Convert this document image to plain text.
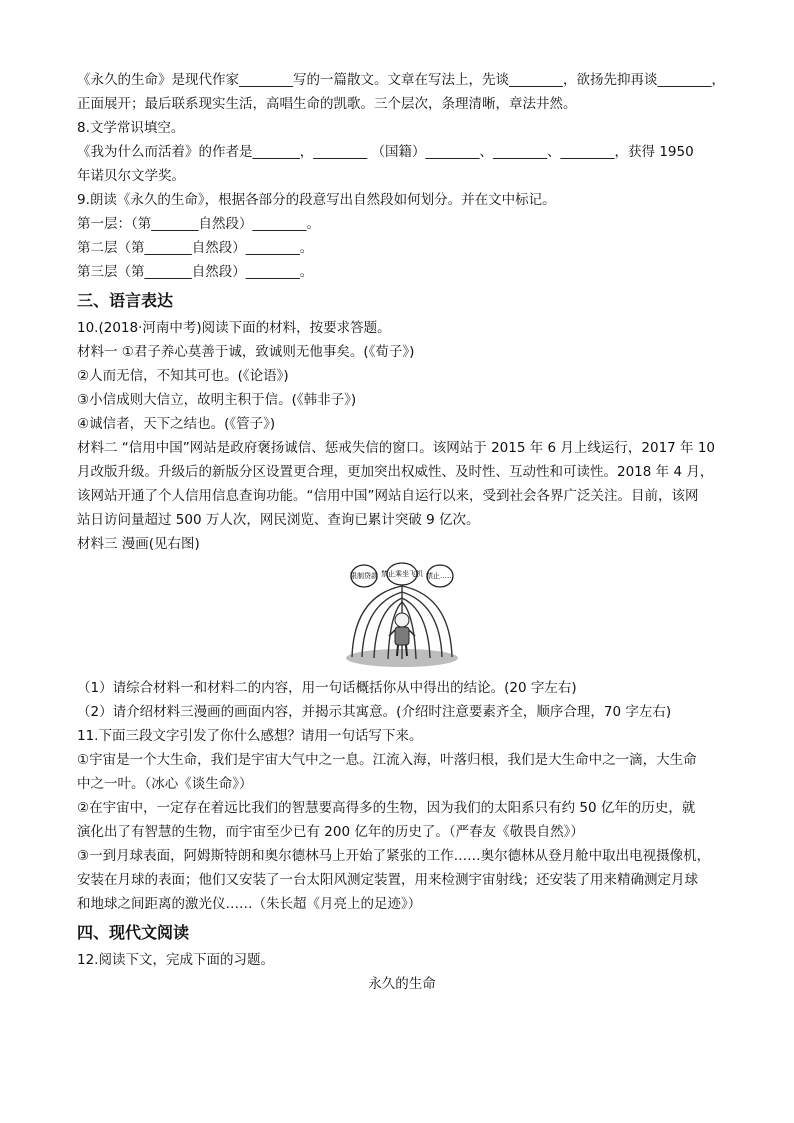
《永久的生命》是现代作家________写的一篇散文。文章在写法上，先谈________，欲扬先抑再谈________，
正面展开；最后联系现实生活，高唱生命的凯歌。三个层次，条理清晰，章法井然。
8.文学常识填空。
《我为什么而活着》的作者是_______，________ （国籍）________、________、________，获得 1950
年诺贝尔文学奖。
9.朗读《永久的生命》，根据各部分的段意写出自然段如何划分。并在文中标记。
第一层：（第_______自然段）________。
第二层（第_______自然段）________。
第三层（第_______自然段）________。
三、语言表达
10.(2018·河南中考)阅读下面的材料，按要求答题。
材料一 ①君子养心莫善于诚，致诚则无他事矣。(《荀子》)
②人而无信，不知其可也。(《论语》)
③小信成则大信立，故明主积于信。(《韩非子》)
④诚信者，天下之结也。(《管子》)
材料二 “信用中国”网站是政府褒扬诚信、惩戒失信的窗口。该网站于 2015 年 6 月上线运行，2017 年 10
月改版升级。升级后的新版分区设置更合理，更加突出权威性、及时性、互动性和可读性。2018 年 4 月，
该网站开通了个人信用信息查询功能。“信用中国”网站自运行以来，受到社会各界广泛关注。目前，该网
站日访问量超过 500 万人次，网民浏览、查询已累计突破 9 亿次。
材料三 漫画(见右图)
限制贷款 禁止乘坐飞机 禁止……
（1）请综合材料一和材料二的内容，用一句话概括你从中得出的结论。(20 字左右)
（2）请介绍材料三漫画的画面内容，并揭示其寓意。(介绍时注意要素齐全，顺序合理，70 字左右)
11.下面三段文字引发了你什么感想？请用一句话写下来。
①宇宙是一个大生命，我们是宇宙大气中之一息。江流入海，叶落归根，我们是大生命中之一滴，大生命
中之一叶。（冰心《谈生命》）
②在宇宙中，一定存在着远比我们的智慧要高得多的生物，因为我们的太阳系只有约 50 亿年的历史，就
演化出了有智慧的生物，而宇宙至少已有 200 亿年的历史了。（严春友《敬畏自然》）
③一到月球表面，阿姆斯特朗和奥尔德林马上开始了紧张的工作……奥尔德林从登月舱中取出电视摄像机，
安装在月球的表面；他们又安装了一台太阳风测定装置，用来检测宇宙射线；还安装了用来精确测定月球
和地球之间距离的激光仪……（朱长超《月亮上的足迹》）
四、现代文阅读
12.阅读下文，完成下面的习题。
永久的生命
